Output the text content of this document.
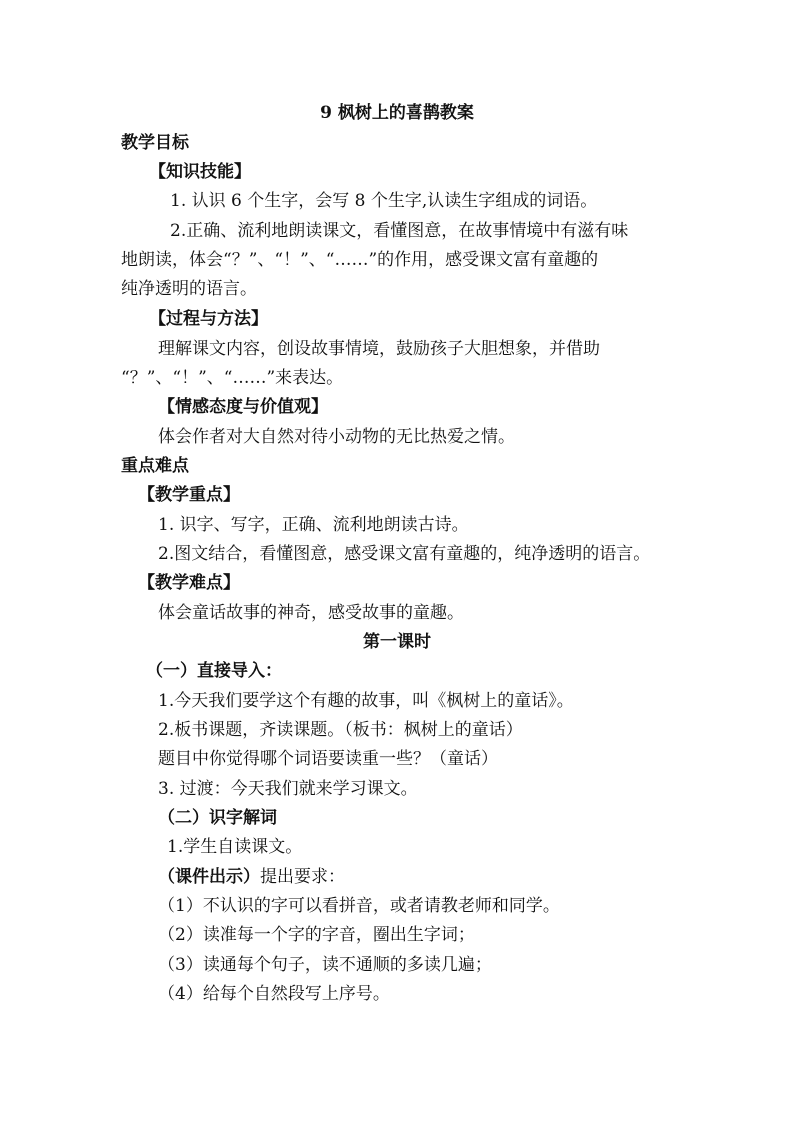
9 枫树上的喜鹊教案
教学目标
【知识技能】
1. 认识 6 个生字，会写 8 个生字,认读生字组成的词语。
2.正确、流利地朗读课文，看懂图意，在故事情境中有滋有味
地朗读，体会“？”、“！”、“……”的作用，感受课文富有童趣的
纯净透明的语言。
【过程与方法】
理解课文内容，创设故事情境，鼓励孩子大胆想象，并借助
“？”、“！”、“……”来表达。
【情感态度与价值观】
体会作者对大自然对待小动物的无比热爱之情。
重点难点
【教学重点】
1. 识字、写字，正确、流利地朗读古诗。
2.图文结合，看懂图意，感受课文富有童趣的，纯净透明的语言。
【教学难点】
体会童话故事的神奇，感受故事的童趣。
第一课时
（一）直接导入：
1.今天我们要学这个有趣的故事，叫《枫树上的童话》。
2.板书课题，齐读课题。（板书：枫树上的童话）
题目中你觉得哪个词语要读重一些？（童话）
3. 过渡：今天我们就来学习课文。
（二）识字解词
1.学生自读课文。
（课件出示）提出要求：
（1）不认识的字可以看拼音，或者请教老师和同学。
（2）读准每一个字的字音，圈出生字词；
（3）读通每个句子，读不通顺的多读几遍；
（4）给每个自然段写上序号。
